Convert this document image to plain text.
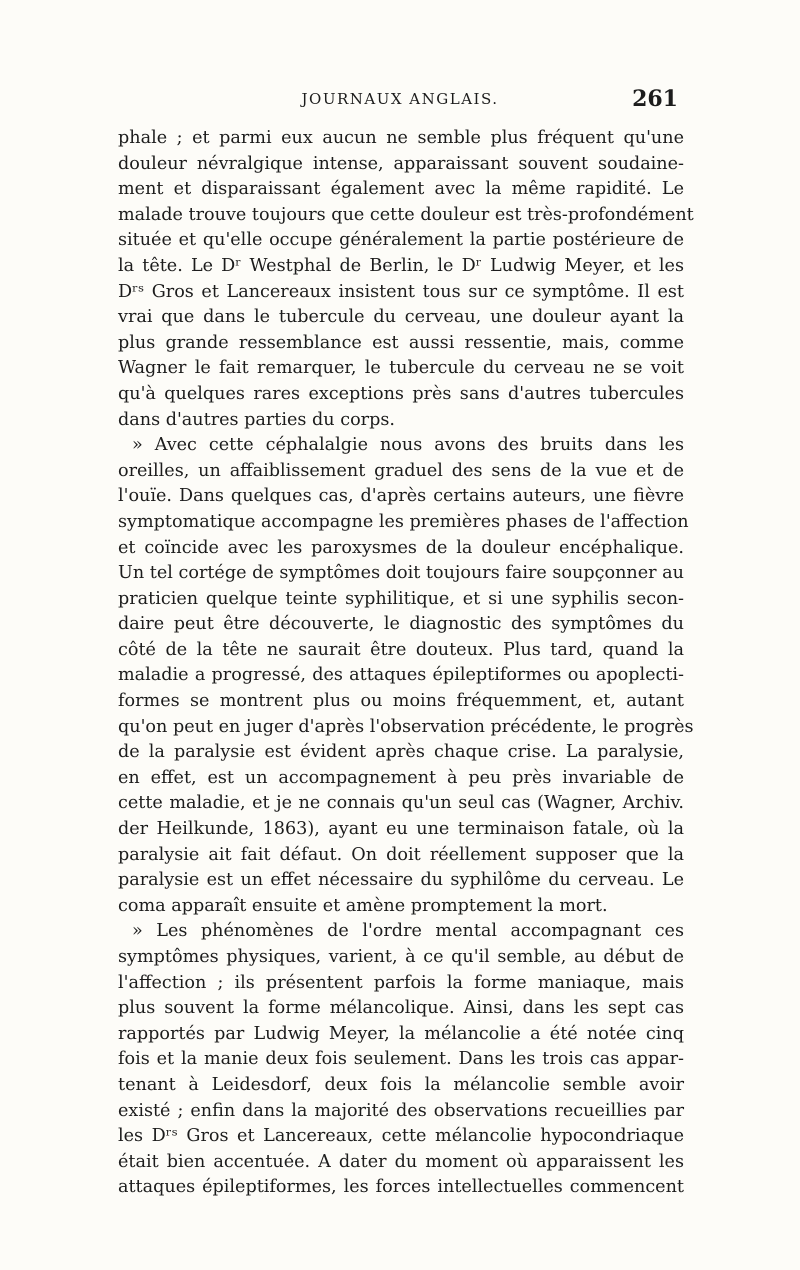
JOURNAUX ANGLAIS.	261
phale ; et parmi eux aucun ne semble plus fréquent qu'une
douleur névralgique intense, apparaissant souvent soudaine-
ment et disparaissant également avec la même rapidité. Le
malade trouve toujours que cette douleur est très-profondément
située et qu'elle occupe généralement la partie postérieure de
la tête. Le Dʳ Westphal de Berlin, le Dʳ Ludwig Meyer, et les
Dʳˢ Gros et Lancereaux insistent tous sur ce symptôme. Il est
vrai que dans le tubercule du cerveau, une douleur ayant la
plus grande ressemblance est aussi ressentie, mais, comme
Wagner le fait remarquer, le tubercule du cerveau ne se voit
qu'à quelques rares exceptions près sans d'autres tubercules
dans d'autres parties du corps.
» Avec cette céphalalgie nous avons des bruits dans les
oreilles, un affaiblissement graduel des sens de la vue et de
l'ouïe. Dans quelques cas, d'après certains auteurs, une fièvre
symptomatique accompagne les premières phases de l'affection
et coïncide avec les paroxysmes de la douleur encéphalique.
Un tel cortége de symptômes doit toujours faire soupçonner au
praticien quelque teinte syphilitique, et si une syphilis secon-
daire peut être découverte, le diagnostic des symptômes du
côté de la tête ne saurait être douteux. Plus tard, quand la
maladie a progressé, des attaques épileptiformes ou apoplecti-
formes se montrent plus ou moins fréquemment, et, autant
qu'on peut en juger d'après l'observation précédente, le progrès
de la paralysie est évident après chaque crise. La paralysie,
en effet, est un accompagnement à peu près invariable de
cette maladie, et je ne connais qu'un seul cas (Wagner, Archiv.
der Heilkunde, 1863), ayant eu une terminaison fatale, où la
paralysie ait fait défaut. On doit réellement supposer que la
paralysie est un effet nécessaire du syphilôme du cerveau. Le
coma apparaît ensuite et amène promptement la mort.
» Les phénomènes de l'ordre mental accompagnant ces
symptômes physiques, varient, à ce qu'il semble, au début de
l'affection ; ils présentent parfois la forme maniaque, mais
plus souvent la forme mélancolique. Ainsi, dans les sept cas
rapportés par Ludwig Meyer, la mélancolie a été notée cinq
fois et la manie deux fois seulement. Dans les trois cas appar-
tenant à Leidesdorf, deux fois la mélancolie semble avoir
existé ; enfin dans la majorité des observations recueillies par
les Dʳˢ Gros et Lancereaux, cette mélancolie hypocondriaque
était bien accentuée. A dater du moment où apparaissent les
attaques épileptiformes, les forces intellectuelles commencent
